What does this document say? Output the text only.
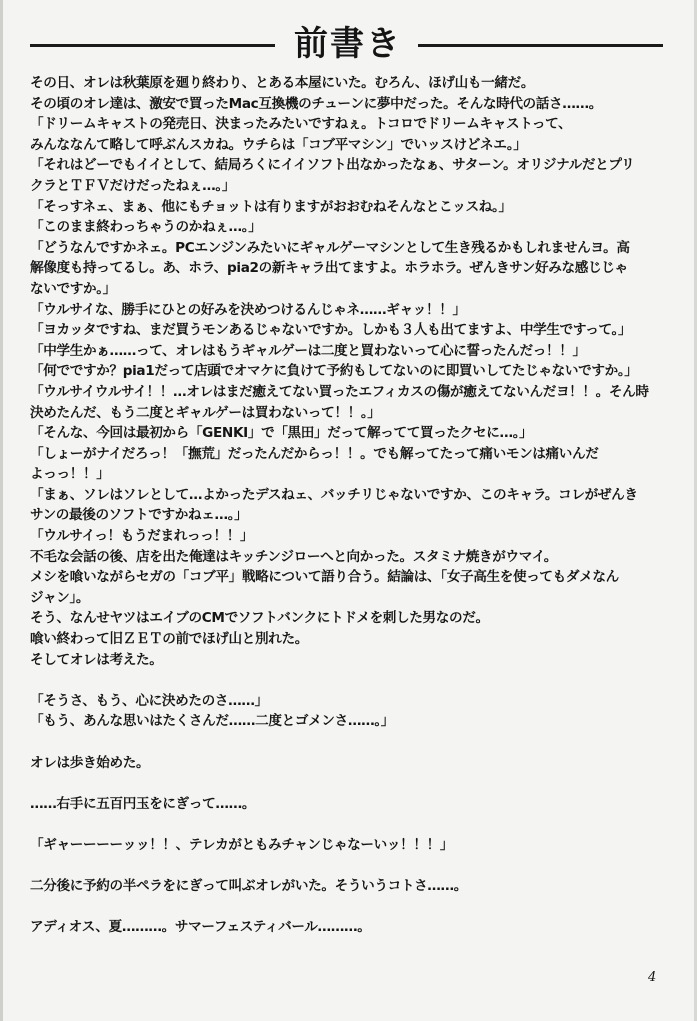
前書き
その日、オレは秋葉原を廻り終わり、とある本屋にいた。むろん、ほげ山も一緒だ。
その頃のオレ達は、激安で買ったMac互換機のチューンに夢中だった。そんな時代の話さ……。
「ドリームキャストの発売日、決まったみたいですねぇ。トコロでドリームキャストって、
みんななんて略して呼ぶんスカね。ウチらは「コブ平マシン」でいッスけどネエ。」
「それはどーでもイイとして、結局ろくにイイソフト出なかったなぁ、サターン。オリジナルだとプリ
クラとＴＦＶだけだったねぇ…。」
「そっすネェ、まぁ、他にもチョットは有りますがおおむねそんなとこッスね。」
「このまま終わっちゃうのかねぇ…。」
「どうなんですかネェ。PCエンジンみたいにギャルゲーマシンとして生き残るかもしれませんヨ。高
解像度も持ってるし。あ、ホラ、pia2の新キャラ出てますよ。ホラホラ。ぜんきサン好みな感じじゃ
ないですか。」
「ウルサイな、勝手にひとの好みを決めつけるんじゃネ……ギャッ！！」
「ヨカッタですね、まだ買うモンあるじゃないですか。しかも３人も出てますよ、中学生ですって。」
「中学生かぁ……って、オレはもうギャルゲーは二度と買わないって心に誓ったんだっ！！」
「何でですか？pia1だって店頭でオマケに負けて予約もしてないのに即買いしてたじゃないですか。」
「ウルサイウルサイ！！…オレはまだ癒えてない買ったエフィカスの傷が癒えてないんだヨ！！。そん時
決めたんだ、もう二度とギャルゲーは買わないって！！。」
「そんな、今回は最初から「GENKI」で「黒田」だって解ってて買ったクセに…。」
「しょーがナイだろっ！「撫荒」だったんだからっ！！。でも解ってたって痛いモンは痛いんだ
よっっ！！」
「まぁ、ソレはソレとして…よかったデスねェ、バッチリじゃないですか、このキャラ。コレがぜんき
サンの最後のソフトですかねェ…。」
「ウルサイっ！もうだまれっっ！！」
不毛な会話の後、店を出た俺達はキッチンジローへと向かった。スタミナ焼きがウマイ。
メシを喰いながらセガの「コブ平」戦略について語り合う。結論は、「女子高生を使ってもダメなん
ジャン」。
そう、なんせヤツはエイブのCMでソフトバンクにトドメを刺した男なのだ。
喰い終わって旧ＺＥＴの前でほげ山と別れた。
そしてオレは考えた。
「そうさ、もう、心に決めたのさ……」
「もう、あんな思いはたくさんだ……二度とゴメンさ……。」
オレは歩き始めた。
……右手に五百円玉をにぎって……。
「ギャーーーーッッ！！、テレカがともみチャンじゃなーいッ！！！」
二分後に予約の半ペラをにぎって叫ぶオレがいた。そういうコトさ……。
アディオス、夏………。サマーフェスティバール………。
4
